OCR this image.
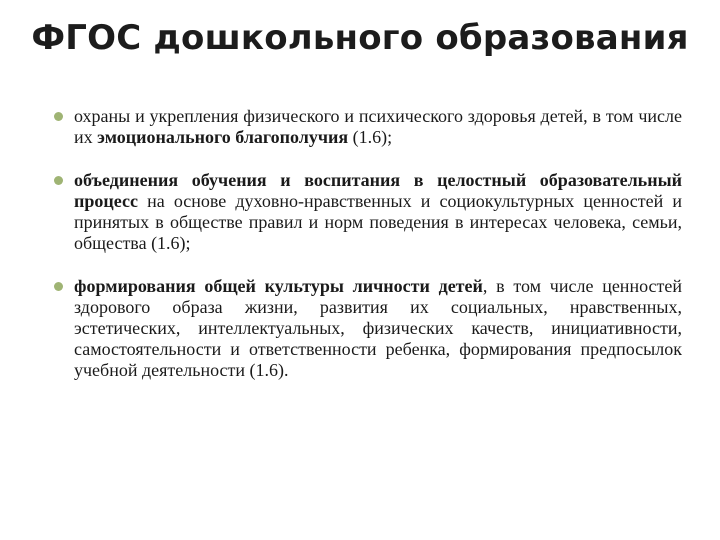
ФГОС дошкольного образования

охраны и укрепления физического и психического здоровья детей, в том числе их эмоционального благополучия (1.6);

объединения обучения и воспитания в целостный образовательный процесс на основе духовно-нравственных и социокультурных ценностей и принятых в обществе правил и норм поведения в интересах человека, семьи, общества (1.6);

формирования общей культуры личности детей, в том числе ценностей здорового образа жизни, развития их социальных, нравственных, эстетических, интеллектуальных, физических качеств, инициативности, самостоятельности и ответственности ребенка, формирования предпосылок учебной деятельности (1.6).
